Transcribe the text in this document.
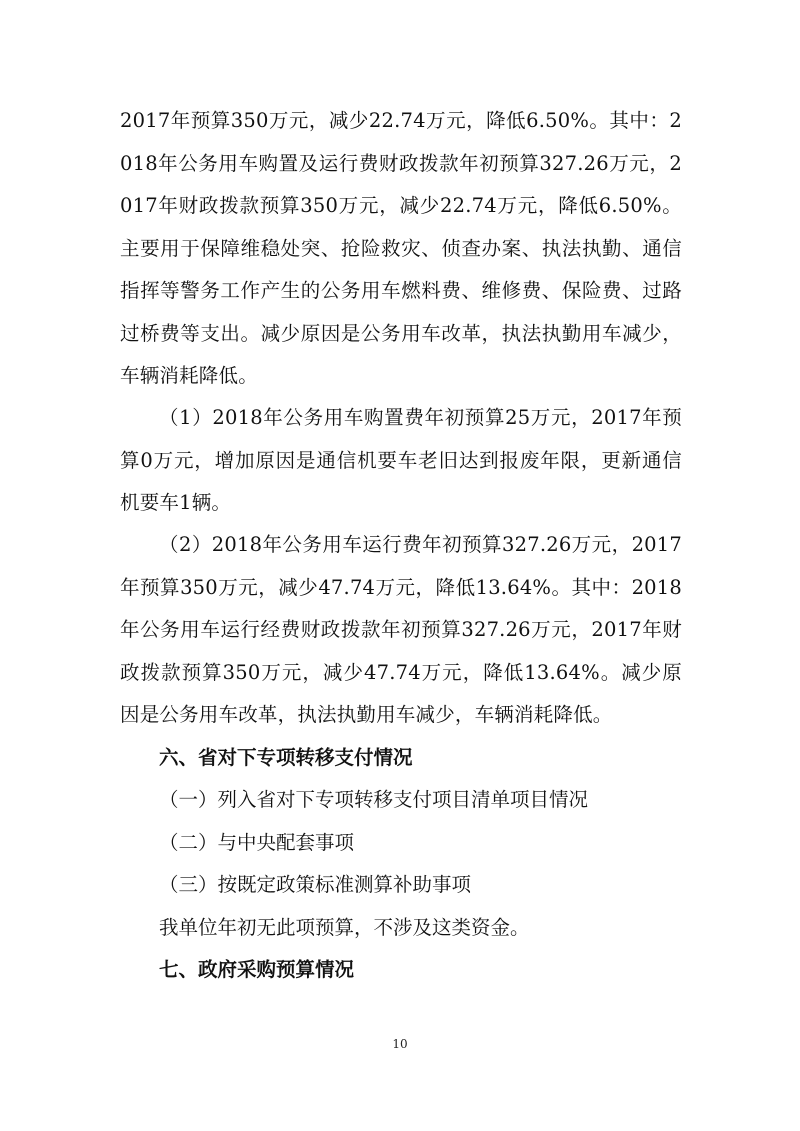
2017年预算350万元，减少22.74万元，降低6.50%。其中：2018年公务用车购置及运行费财政拨款年初预算327.26万元，2017年财政拨款预算350万元，减少22.74万元，降低6.50%。主要用于保障维稳处突、抢险救灾、侦查办案、执法执勤、通信指挥等警务工作产生的公务用车燃料费、维修费、保险费、过路过桥费等支出。减少原因是公务用车改革，执法执勤用车减少，车辆消耗降低。

（1）2018年公务用车购置费年初预算25万元，2017年预算0万元，增加原因是通信机要车老旧达到报废年限，更新通信机要车1辆。

（2）2018年公务用车运行费年初预算327.26万元，2017年预算350万元，减少47.74万元，降低13.64%。其中：2018年公务用车运行经费财政拨款年初预算327.26万元，2017年财政拨款预算350万元，减少47.74万元，降低13.64%。减少原因是公务用车改革，执法执勤用车减少，车辆消耗降低。

六、省对下专项转移支付情况

（一）列入省对下专项转移支付项目清单项目情况

（二）与中央配套事项

（三）按既定政策标准测算补助事项

我单位年初无此项预算，不涉及这类资金。

七、政府采购预算情况

10
